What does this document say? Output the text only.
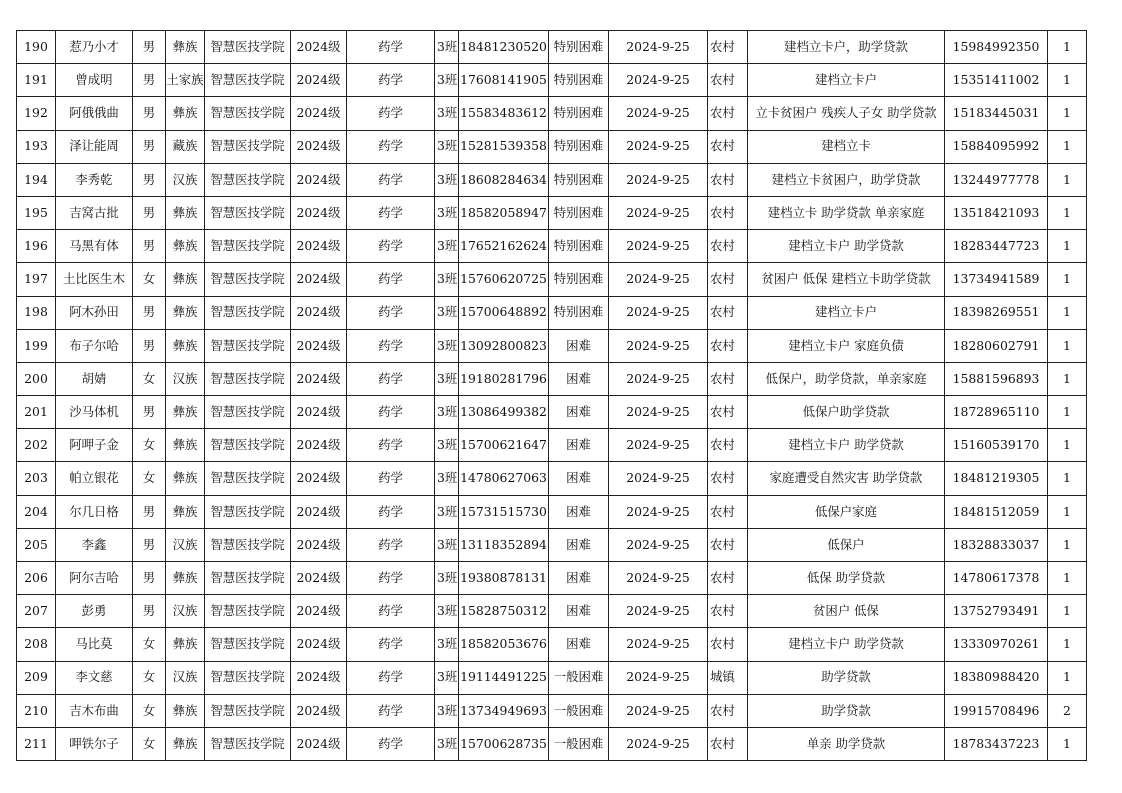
190	惹乃小才	男	彝族	智慧医技学院	2024级	药学	3班	18481230520	特别困难	2024-9-25	农村	建档立卡户，助学贷款	15984992350	1
191	曾成明	男	土家族	智慧医技学院	2024级	药学	3班	17608141905	特别困难	2024-9-25	农村	建档立卡户	15351411002	1
192	阿俄俄曲	男	彝族	智慧医技学院	2024级	药学	3班	15583483612	特别困难	2024-9-25	农村	立卡贫困户 残疾人子女 助学贷款	15183445031	1
193	泽让能周	男	藏族	智慧医技学院	2024级	药学	3班	15281539358	特别困难	2024-9-25	农村	建档立卡	15884095992	1
194	李秀乾	男	汉族	智慧医技学院	2024级	药学	3班	18608284634	特别困难	2024-9-25	农村	建档立卡贫困户，助学贷款	13244977778	1
195	吉窝古批	男	彝族	智慧医技学院	2024级	药学	3班	18582058947	特别困难	2024-9-25	农村	建档立卡 助学贷款 单亲家庭	13518421093	1
196	马黑有体	男	彝族	智慧医技学院	2024级	药学	3班	17652162624	特别困难	2024-9-25	农村	建档立卡户 助学贷款	18283447723	1
197	土比医生木	女	彝族	智慧医技学院	2024级	药学	3班	15760620725	特别困难	2024-9-25	农村	贫困户 低保 建档立卡助学贷款	13734941589	1
198	阿木孙田	男	彝族	智慧医技学院	2024级	药学	3班	15700648892	特别困难	2024-9-25	农村	建档立卡户	18398269551	1
199	布子尔哈	男	彝族	智慧医技学院	2024级	药学	3班	13092800823	困难	2024-9-25	农村	建档立卡户 家庭负债	18280602791	1
200	胡婧	女	汉族	智慧医技学院	2024级	药学	3班	19180281796	困难	2024-9-25	农村	低保户，助学贷款，单亲家庭	15881596893	1
201	沙马体机	男	彝族	智慧医技学院	2024级	药学	3班	13086499382	困难	2024-9-25	农村	低保户助学贷款	18728965110	1
202	阿呷子金	女	彝族	智慧医技学院	2024级	药学	3班	15700621647	困难	2024-9-25	农村	建档立卡户 助学贷款	15160539170	1
203	帕立银花	女	彝族	智慧医技学院	2024级	药学	3班	14780627063	困难	2024-9-25	农村	家庭遭受自然灾害 助学贷款	18481219305	1
204	尔几日格	男	彝族	智慧医技学院	2024级	药学	3班	15731515730	困难	2024-9-25	农村	低保户家庭	18481512059	1
205	李鑫	男	汉族	智慧医技学院	2024级	药学	3班	13118352894	困难	2024-9-25	农村	低保户	18328833037	1
206	阿尔吉哈	男	彝族	智慧医技学院	2024级	药学	3班	19380878131	困难	2024-9-25	农村	低保 助学贷款	14780617378	1
207	彭勇	男	汉族	智慧医技学院	2024级	药学	3班	15828750312	困难	2024-9-25	农村	贫困户 低保	13752793491	1
208	马比莫	女	彝族	智慧医技学院	2024级	药学	3班	18582053676	困难	2024-9-25	农村	建档立卡户 助学贷款	13330970261	1
209	李文慈	女	汉族	智慧医技学院	2024级	药学	3班	19114491225	一般困难	2024-9-25	城镇	助学贷款	18380988420	1
210	吉木布曲	女	彝族	智慧医技学院	2024级	药学	3班	13734949693	一般困难	2024-9-25	农村	助学贷款	19915708496	2
211	呷铁尔子	女	彝族	智慧医技学院	2024级	药学	3班	15700628735	一般困难	2024-9-25	农村	单亲 助学贷款	18783437223	1
